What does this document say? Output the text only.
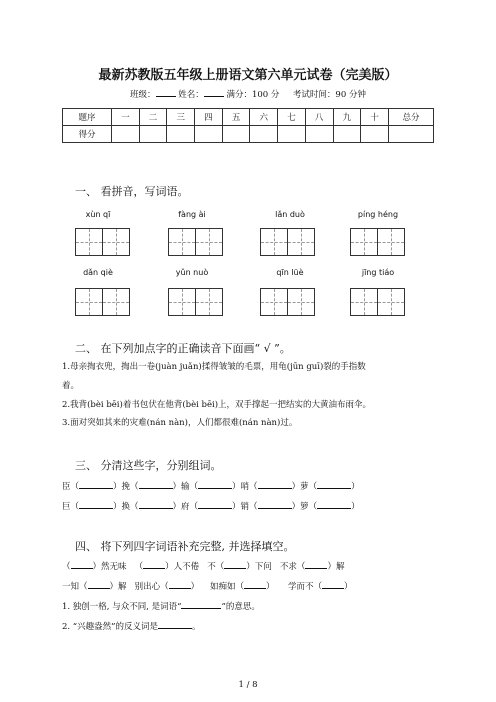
最新苏教版五年级上册语文第六单元试卷（完美版）
班级：	姓名：	满分：100 分 考试时间：90 分钟
题序	一	二	三	四	五	六	七	八	九	十	总分
得分											
一、 看拼音，写词语。
xùn qī	fàng ài	lǎn duò	píng héng
dǎn qiè	yǔn nuò	qīn lüè	jīng tiáo
二、 在下列加点字的正确读音下面画“ √ ”。
1.母亲掏衣兜，掏出一卷(juàn juǎn)揉得皱皱的毛票，用龟(jūn guī)裂的手指数
着。
2.我背(bèi bēi)着书包伏在他背(bèi bēi)上，双手撑起一把结实的大黄油布雨伞。
3.面对突如其来的灾难(nán nàn)，人们都很难(nán nàn)过。
三、 分清这些字，分别组词。
臣（	）挽（	）输（	）哨（	）萝（	）
巨（	）换（	）府（	）销（	）箩（	）
四、 将下列四字词语补充完整, 并选择填空。
（	）然无味 （	）人不倦 不（	）下问 不求（	）解
一知（	）解 别出心（	） 如痴如（	） 学而不（	）
1. 独创一格, 与众不同, 是词语“	”的意思。
2. “兴趣盎然”的反义词是	。
1 / 8
